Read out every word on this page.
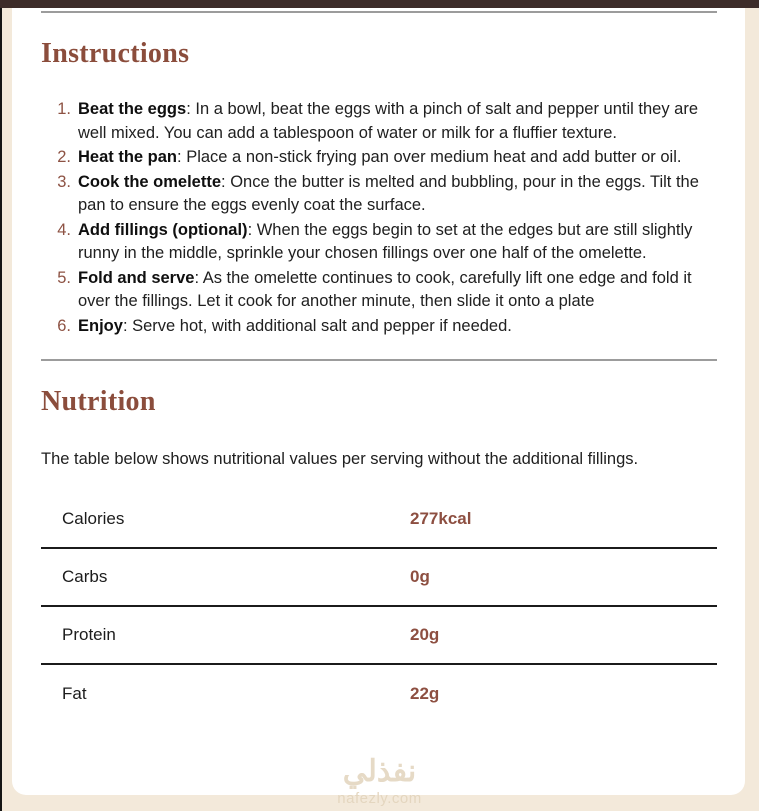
Instructions
1. Beat the eggs: In a bowl, beat the eggs with a pinch of salt and pepper until they are well mixed. You can add a tablespoon of water or milk for a fluffier texture.
2. Heat the pan: Place a non-stick frying pan over medium heat and add butter or oil.
3. Cook the omelette: Once the butter is melted and bubbling, pour in the eggs. Tilt the pan to ensure the eggs evenly coat the surface.
4. Add fillings (optional): When the eggs begin to set at the edges but are still slightly runny in the middle, sprinkle your chosen fillings over one half of the omelette.
5. Fold and serve: As the omelette continues to cook, carefully lift one edge and fold it over the fillings. Let it cook for another minute, then slide it onto a plate
6. Enjoy: Serve hot, with additional salt and pepper if needed.
Nutrition

The table below shows nutritional values per serving without the additional fillings.

Calories	277kcal
Carbs	0g
Protein	20g
Fat	22g
نفذلي
nafezly.com
